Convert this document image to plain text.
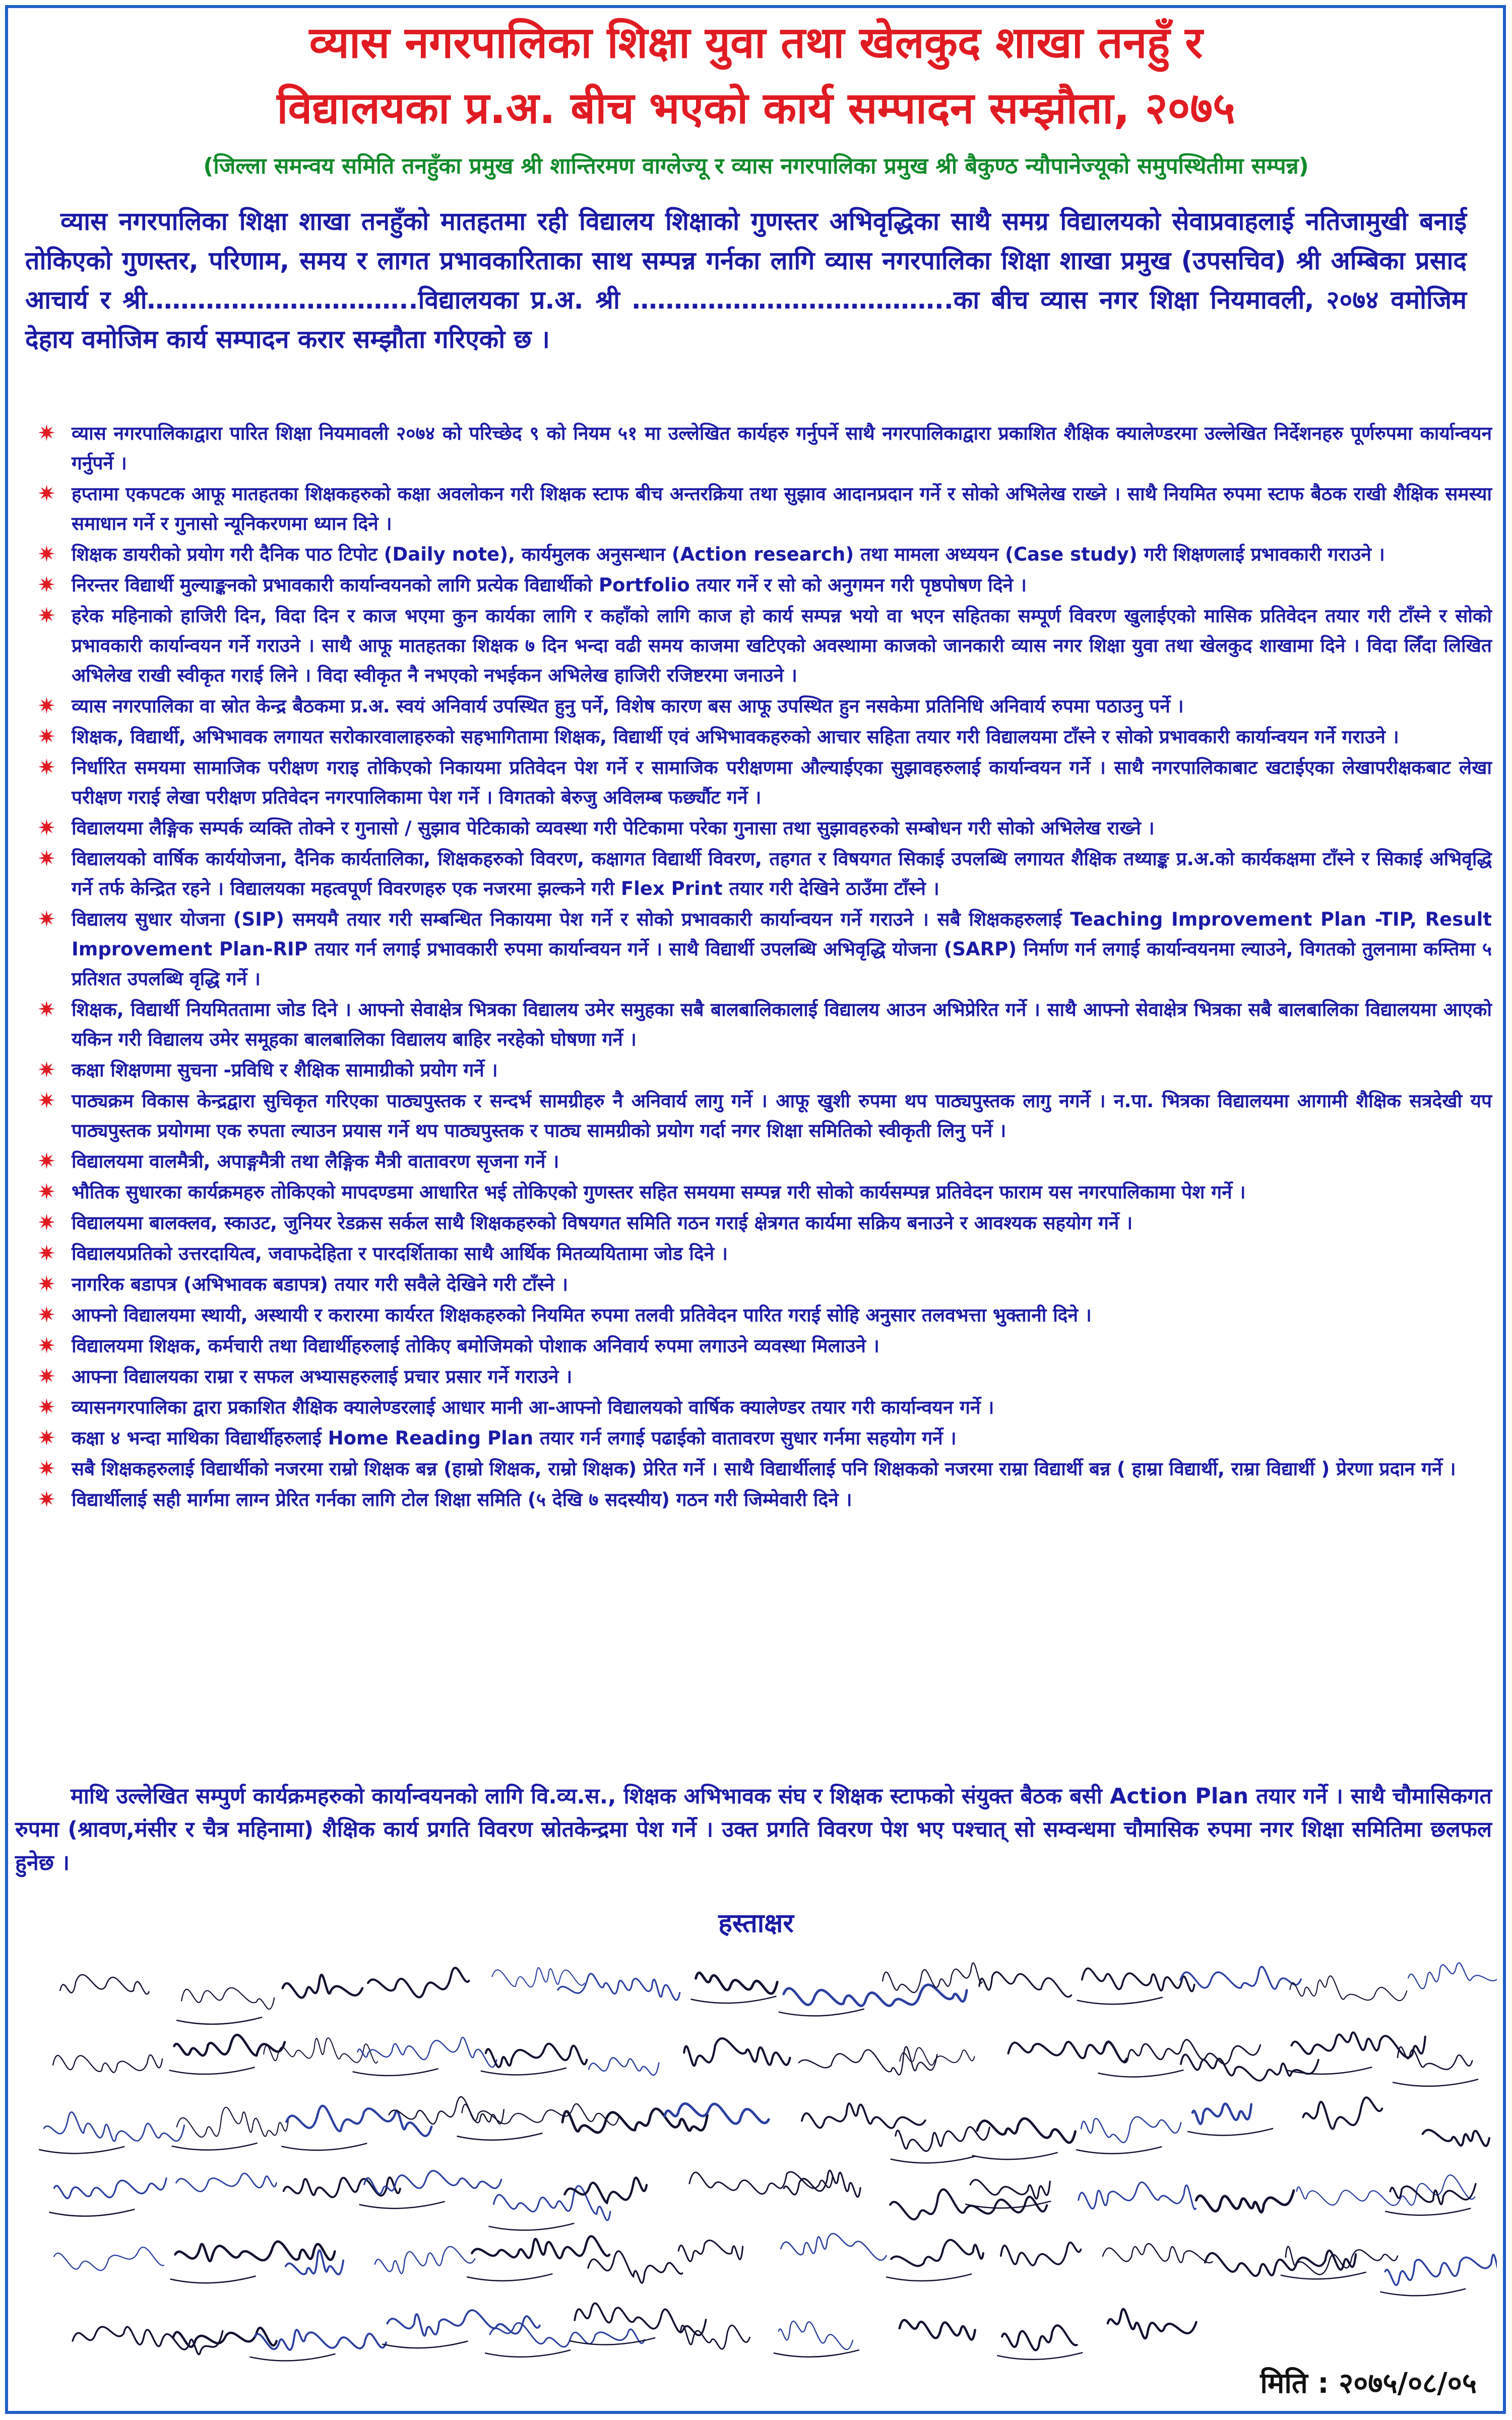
व्यास नगरपालिका शिक्षा युवा तथा खेलकुद शाखा तनहुँ र
विद्यालयका प्र.अ. बीच भएको कार्य सम्पादन सम्झौता, २०७५
(जिल्ला समन्वय समिति तनहुँका प्रमुख श्री शान्तिरमण वाग्लेज्यू र व्यास नगरपालिका प्रमुख श्री बैकुण्ठ न्यौपानेज्यूको समुपस्थितीमा सम्पन्न)
व्यास नगरपालिका शिक्षा शाखा तनहुँको मातहतमा रही विद्यालय शिक्षाको गुणस्तर अभिवृद्धिका साथै समग्र विद्यालयको सेवाप्रवाहलाई नतिजामुखी बनाई तोकिएको गुणस्तर, परिणाम, समय र लागत प्रभावकारिताका साथ सम्पन्न गर्नका लागि व्यास नगरपालिका शिक्षा शाखा प्रमुख (उपसचिव) श्री अम्बिका प्रसाद आचार्य र श्री…………………………..विद्यालयका प्र.अ. श्री ………………………………..का बीच व्यास नगर शिक्षा नियमावली, २०७४ वमोजिम देहाय वमोजिम कार्य सम्पादन करार सम्झौता गरिएको छ ।
✷ व्यास नगरपालिकाद्वारा पारित शिक्षा नियमावली २०७४ को परिच्छेद ९ को नियम ५१ मा उल्लेखित कार्यहरु गर्नुपर्ने साथै नगरपालिकाद्वारा प्रकाशित शैक्षिक क्यालेण्डरमा उल्लेखित निर्देशनहरु पूर्णरुपमा कार्यान्वयन गर्नुपर्ने ।
✷ हप्तामा एकपटक आफू मातहतका शिक्षकहरुको कक्षा अवलोकन गरी शिक्षक स्टाफ बीच अन्तरक्रिया तथा सुझाव आदानप्रदान गर्ने र सोको अभिलेख राख्ने । साथै नियमित रुपमा स्टाफ बैठक राखी शैक्षिक समस्या समाधान गर्ने र गुनासो न्यूनिकरणमा ध्यान दिने ।
✷ शिक्षक डायरीको प्रयोग गरी दैनिक पाठ टिपोट (Daily note), कार्यमुलक अनुसन्धान (Action research) तथा मामला अध्ययन (Case study) गरी शिक्षणलाई प्रभावकारी गराउने ।
✷ निरन्तर विद्यार्थी मुल्याङ्कनको प्रभावकारी कार्यान्वयनको लागि प्रत्येक विद्यार्थीको Portfolio तयार गर्ने र सो को अनुगमन गरी पृष्ठपोषण दिने ।
✷ हरेक महिनाको हाजिरी दिन, विदा दिन र काज भएमा कुन कार्यका लागि र कहाँको लागि काज हो कार्य सम्पन्न भयो वा भएन सहितका सम्पूर्ण विवरण खुलाईएको मासिक प्रतिवेदन तयार गरी टाँस्ने र सोको प्रभावकारी कार्यान्वयन गर्ने गराउने । साथै आफू मातहतका शिक्षक ७ दिन भन्दा वढी समय काजमा खटिएको अवस्थामा काजको जानकारी व्यास नगर शिक्षा युवा तथा खेलकुद शाखामा दिने । विदा लिँदा लिखित अभिलेख राखी स्वीकृत गराई लिने । विदा स्वीकृत नै नभएको नभईकन अभिलेख हाजिरी रजिष्टरमा जनाउने ।
✷ व्यास नगरपालिका वा स्रोत केन्द्र बैठकमा प्र.अ. स्वयं अनिवार्य उपस्थित हुनु पर्ने, विशेष कारण बस आफू उपस्थित हुन नसकेमा प्रतिनिधि अनिवार्य रुपमा पठाउनु पर्ने ।
✷ शिक्षक, विद्यार्थी, अभिभावक लगायत सरोकारवालाहरुको सहभागितामा शिक्षक, विद्यार्थी एवं अभिभावकहरुको आचार सहिता तयार गरी विद्यालयमा टाँस्ने र सोको प्रभावकारी कार्यान्वयन गर्ने गराउने ।
✷ निर्धारित समयमा सामाजिक परीक्षण गराइ तोकिएको निकायमा प्रतिवेदन पेश गर्ने र सामाजिक परीक्षणमा औल्याईएका सुझावहरुलाई कार्यान्वयन गर्ने । साथै नगरपालिकाबाट खटाईएका लेखापरीक्षकबाट लेखा परीक्षण गराई लेखा परीक्षण प्रतिवेदन नगरपालिकामा पेश गर्ने । विगतको बेरुजु अविलम्ब फर्छ्यौट गर्ने ।
✷ विद्यालयमा लैङ्गिक सम्पर्क व्यक्ति तोक्ने र गुनासो / सुझाव पेटिकाको व्यवस्था गरी पेटिकामा परेका गुनासा तथा सुझावहरुको सम्बोधन गरी सोको अभिलेख राख्ने ।
✷ विद्यालयको वार्षिक कार्ययोजना, दैनिक कार्यतालिका, शिक्षकहरुको विवरण, कक्षागत विद्यार्थी विवरण, तहगत र विषयगत सिकाई उपलब्धि लगायत शैक्षिक तथ्याङ्क प्र.अ.को कार्यकक्षमा टाँस्ने र सिकाई अभिवृद्धि गर्ने तर्फ केन्द्रित रहने । विद्यालयका महत्वपूर्ण विवरणहरु एक नजरमा झल्कने गरी Flex Print तयार गरी देखिने ठाउँमा टाँस्ने ।
✷ विद्यालय सुधार योजना (SIP) समयमै तयार गरी सम्बन्धित निकायमा पेश गर्ने र सोको प्रभावकारी कार्यान्वयन गर्ने गराउने । सबै शिक्षकहरुलाई Teaching Improvement Plan -TIP, Result Improvement Plan-RIP तयार गर्न लगाई प्रभावकारी रुपमा कार्यान्वयन गर्ने । साथै विद्यार्थी उपलब्धि अभिवृद्धि योजना (SARP) निर्माण गर्न लगाई कार्यान्वयनमा ल्याउने, विगतको तुलनामा कम्तिमा ५ प्रतिशत उपलब्धि वृद्धि गर्ने ।
✷ शिक्षक, विद्यार्थी नियमिततामा जोड दिने । आफ्नो सेवाक्षेत्र भित्रका विद्यालय उमेर समुहका सबै बालबालिकालाई विद्यालय आउन अभिप्रेरित गर्ने । साथै आफ्नो सेवाक्षेत्र भित्रका सबै बालबालिका विद्यालयमा आएको यकिन गरी विद्यालय उमेर समूहका बालबालिका विद्यालय बाहिर नरहेको घोषणा गर्ने ।
✷ कक्षा शिक्षणमा सुचना -प्रविधि र शैक्षिक सामाग्रीको प्रयोग गर्ने ।
✷ पाठ्यक्रम विकास केन्द्रद्वारा सुचिकृत गरिएका पाठ्यपुस्तक र सन्दर्भ सामग्रीहरु नै अनिवार्य लागु गर्ने । आफू खुशी रुपमा थप पाठ्यपुस्तक लागु नगर्ने । न.पा. भित्रका विद्यालयमा आगामी शैक्षिक सत्रदेखी यप पाठ्यपुस्तक प्रयोगमा एक रुपता ल्याउन प्रयास गर्ने थप पाठ्यपुस्तक र पाठ्य सामग्रीको प्रयोग गर्दा नगर शिक्षा समितिको स्वीकृती लिनु पर्ने ।
✷ विद्यालयमा वालमैत्री, अपाङ्गमैत्री तथा लैङ्गिक मैत्री वातावरण सृजना गर्ने ।
✷ भौतिक सुधारका कार्यक्रमहरु तोकिएको मापदण्डमा आधारित भई तोकिएको गुणस्तर सहित समयमा सम्पन्न गरी सोको कार्यसम्पन्न प्रतिवेदन फाराम यस नगरपालिकामा पेश गर्ने ।
✷ विद्यालयमा बालक्लव, स्काउट, जुनियर रेडक्रस सर्कल साथै शिक्षकहरुको विषयगत समिति गठन गराई क्षेत्रगत कार्यमा सक्रिय बनाउने र आवश्यक सहयोग गर्ने ।
✷ विद्यालयप्रतिको उत्तरदायित्व, जवाफदेहिता र पारदर्शिताका साथै आर्थिक मितव्ययितामा जोड दिने ।
✷ नागरिक बडापत्र (अभिभावक बडापत्र) तयार गरी सवैले देखिने गरी टाँस्ने ।
✷ आफ्नो विद्यालयमा स्थायी, अस्थायी र करारमा कार्यरत शिक्षकहरुको नियमित रुपमा तलवी प्रतिवेदन पारित गराई सोहि अनुसार तलवभत्ता भुक्तानी दिने ।
✷ विद्यालयमा शिक्षक, कर्मचारी तथा विद्यार्थीहरुलाई तोकिए बमोजिमको पोशाक अनिवार्य रुपमा लगाउने व्यवस्था मिलाउने ।
✷ आफ्ना विद्यालयका राम्रा र सफल अभ्यासहरुलाई प्रचार प्रसार गर्ने गराउने ।
✷ व्यासनगरपालिका द्वारा प्रकाशित शैक्षिक क्यालेण्डरलाई आधार मानी आ-आफ्नो विद्यालयको वार्षिक क्यालेण्डर तयार गरी कार्यान्वयन गर्ने ।
✷ कक्षा ४ भन्दा माथिका विद्यार्थीहरुलाई Home Reading Plan तयार गर्न लगाई पढाईको वातावरण सुधार गर्नमा सहयोग गर्ने ।
✷ सबै शिक्षकहरुलाई विद्यार्थीको नजरमा राम्रो शिक्षक बन्न (हाम्रो शिक्षक, राम्रो शिक्षक) प्रेरित गर्ने । साथै विद्यार्थीलाई पनि शिक्षकको नजरमा राम्रा विद्यार्थी बन्न ( हाम्रा विद्यार्थी, राम्रा विद्यार्थी ) प्रेरणा प्रदान गर्ने ।
✷ विद्यार्थीलाई सही मार्गमा लाग्न प्रेरित गर्नका लागि टोल शिक्षा समिति (५ देखि ७ सदस्यीय) गठन गरी जिम्मेवारी दिने ।
माथि उल्लेखित सम्पुर्ण कार्यक्रमहरुको कार्यान्वयनको लागि वि.व्य.स., शिक्षक अभिभावक संघ र शिक्षक स्टाफको संयुक्त बैठक बसी Action Plan तयार गर्ने । साथै चौमासिकगत रुपमा (श्रावण,मंसीर र चैत्र महिनामा) शैक्षिक कार्य प्रगति विवरण स्रोतकेन्द्रमा पेश गर्ने । उक्त प्रगति विवरण पेश भए पश्चात् सो सम्वन्धमा चौमासिक रुपमा नगर शिक्षा समितिमा छलफल हुनेछ ।
हस्ताक्षर
मिति : २०७५/०८/०५
